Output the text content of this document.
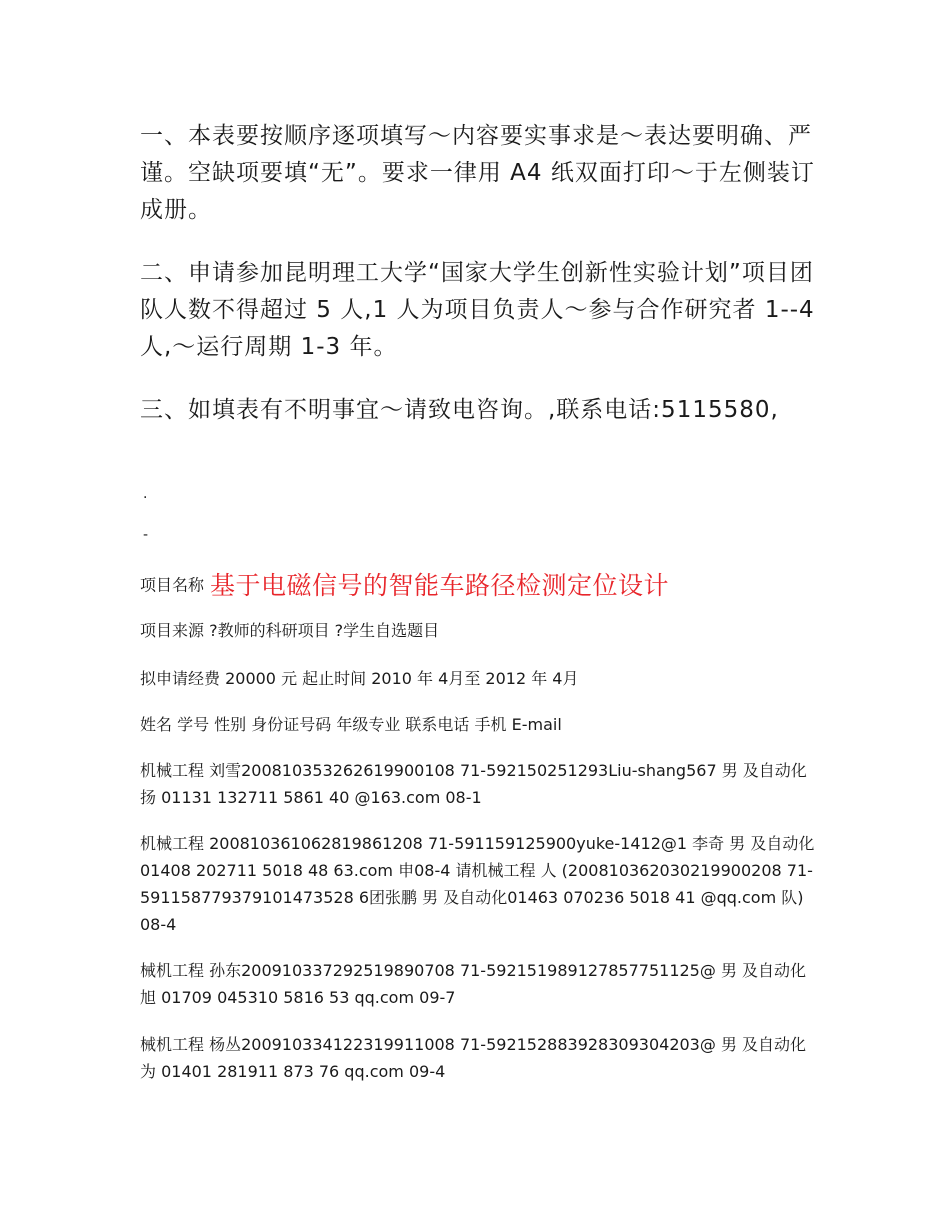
一、本表要按顺序逐项填写～内容要实事求是～表达要明确、严谨。空缺项要填“无”。要求一律用 A4 纸双面打印～于左侧装订成册。

二、申请参加昆明理工大学“国家大学生创新性实验计划”项目团队人数不得超过 5 人,1 人为项目负责人～参与合作研究者 1--4 人,～运行周期 1-3 年。

三、如填表有不明事宜～请致电咨询。,联系电话:5115580,

.

-

项目名称 基于电磁信号的智能车路径检测定位设计

项目来源 ?教师的科研项目 ?学生自选题目

拟申请经费 20000 元 起止时间 2010 年 4月至 2012 年 4月

姓名 学号 性别 身份证号码 年级专业 联系电话 手机 E-mail

机械工程 刘雪200810353262619900108 71-592150251293Liu-shang567 男 及自动化 扬 01131 132711 5861 40 @163.com 08-1

机械工程 200810361062819861208 71-591159125900yuke-1412@1 李奇 男 及自动化01408 202711 5018 48 63.com 申08-4 请机械工程 人 (200810362030219900208 71-591158779379101473528 6团张鹏 男 及自动化01463 070236 5018 41 @qq.com 队) 08-4

械机工程 孙东200910337292519890708 71-592151989127857751125@ 男 及自动化旭 01709 045310 5816 53 qq.com 09-7

械机工程 杨丛200910334122319911008 71-592152883928309304203@ 男 及自动化 为 01401 281911 873 76 qq.com 09-4
